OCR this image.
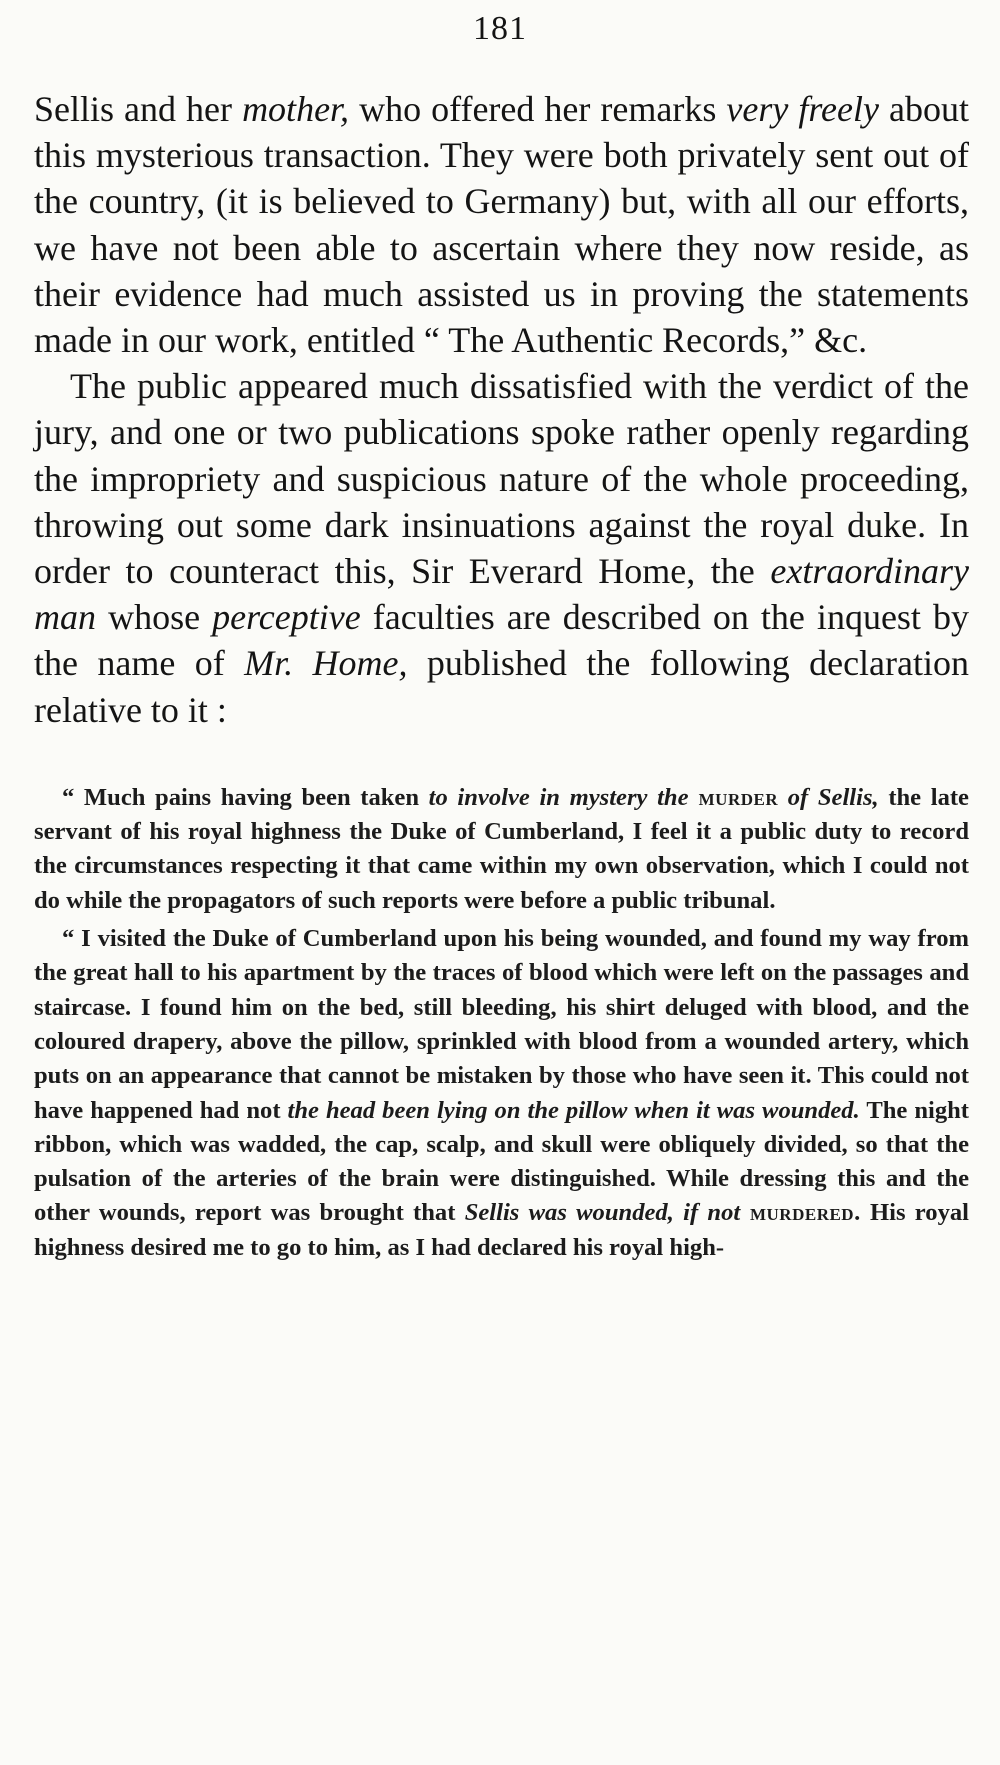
181

Sellis and her mother, who offered her remarks very freely about this mysterious transaction. They were both privately sent out of the country, (it is believed to Germany) but, with all our efforts, we have not been able to ascertain where they now reside, as their evidence had much assisted us in proving the statements made in our work, entitled “ The Authentic Records,” &c.

The public appeared much dissatisfied with the verdict of the jury, and one or two publications spoke rather openly regarding the impropriety and suspicious nature of the whole proceeding, throwing out some dark insinuations against the royal duke. In order to counteract this, Sir Everard Home, the extraordinary man whose perceptive faculties are described on the inquest by the name of Mr. Home, published the following declaration relative to it :

“ Much pains having been taken to involve in mystery the murder of Sellis, the late servant of his royal highness the Duke of Cumberland, I feel it a public duty to record the circumstances respecting it that came within my own observation, which I could not do while the propagators of such reports were before a public tribunal.

“ I visited the Duke of Cumberland upon his being wounded, and found my way from the great hall to his apartment by the traces of blood which were left on the passages and staircase. I found him on the bed, still bleeding, his shirt deluged with blood, and the coloured drapery, above the pillow, sprinkled with blood from a wounded artery, which puts on an appearance that cannot be mistaken by those who have seen it. This could not have happened had not the head been lying on the pillow when it was wounded. The night ribbon, which was wadded, the cap, scalp, and skull were obliquely divided, so that the pulsation of the arteries of the brain were distinguished. While dressing this and the other wounds, report was brought that Sellis was wounded, if not murdered. His royal highness desired me to go to him, as I had declared his royal high-
